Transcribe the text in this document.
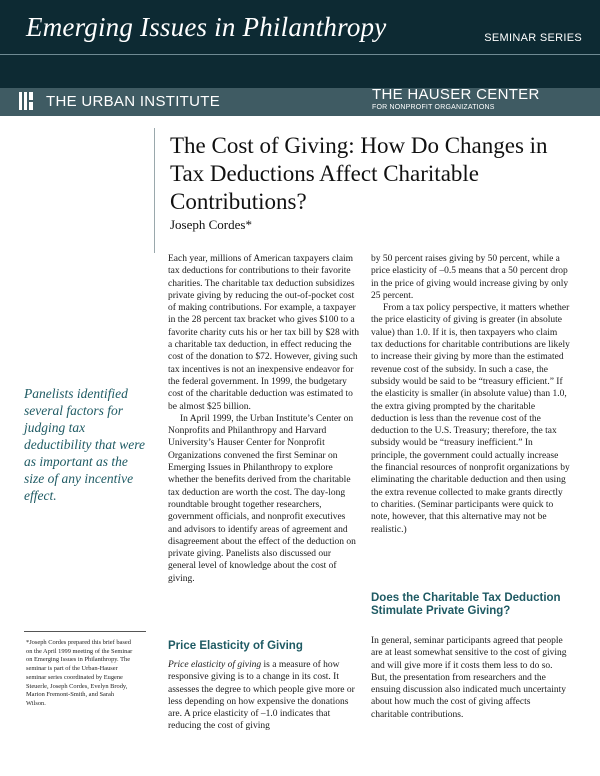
Emerging Issues in Philanthropy	SEMINAR SERIES
THE URBAN INSTITUTE	THE HAUSER CENTER
FOR NONPROFIT ORGANIZATIONS
The Cost of Giving: How Do Changes in Tax Deductions Affect Charitable Contributions?
Joseph Cordes*
Panelists identified several factors for judging tax deductibility that were as important as the size of any incentive effect.
*Joseph Cordes prepared this brief based on the April 1999 meeting of the Seminar on Emerging Issues in Philanthropy. The seminar is part of the Urban-Hauser seminar series coordinated by Eugene Steuerle, Joseph Cordes, Evelyn Brody, Marion Fremont-Smith, and Sarah Wilson.

Each year, millions of American taxpayers claim tax deductions for contributions to their favorite charities. The charitable tax deduction subsidizes private giving by reducing the out-of-pocket cost of making contributions. For example, a taxpayer in the 28 percent tax bracket who gives $100 to a favorite charity cuts his or her tax bill by $28 with a charitable tax deduction, in effect reducing the cost of the donation to $72. However, giving such tax incentives is not an inexpensive endeavor for the federal government. In 1999, the budgetary cost of the charitable deduction was estimated to be almost $25 billion.

In April 1999, the Urban Institute’s Center on Nonprofits and Philanthropy and Harvard University’s Hauser Center for Nonprofit Organizations convened the first Seminar on Emerging Issues in Philanthropy to explore whether the benefits derived from the charitable tax deduction are worth the cost. The day-long roundtable brought together researchers, government officials, and nonprofit executives and advisors to identify areas of agreement and disagreement about the effect of the deduction on private giving. Panelists also discussed our general level of knowledge about the cost of giving.

Price Elasticity of Giving

Price elasticity of giving is a measure of how responsive giving is to a change in its cost. It assesses the degree to which people give more or less depending on how expensive the donations are. A price elasticity of –1.0 indicates that reducing the cost of giving

by 50 percent raises giving by 50 percent, while a price elasticity of –0.5 means that a 50 percent drop in the price of giving would increase giving by only 25 percent.

From a tax policy perspective, it matters whether the price elasticity of giving is greater (in absolute value) than 1.0. If it is, then taxpayers who claim tax deductions for charitable contributions are likely to increase their giving by more than the estimated revenue cost of the subsidy. In such a case, the subsidy would be said to be “treasury efficient.” If the elasticity is smaller (in absolute value) than 1.0, the extra giving prompted by the charitable deduction is less than the revenue cost of the deduction to the U.S. Treasury; therefore, the tax subsidy would be “treasury inefficient.” In principle, the government could actually increase the financial resources of nonprofit organizations by eliminating the charitable deduction and then using the extra revenue collected to make grants directly to charities. (Seminar participants were quick to note, however, that this alternative may not be realistic.)

Does the Charitable Tax Deduction Stimulate Private Giving?

In general, seminar participants agreed that people are at least somewhat sensitive to the cost of giving and will give more if it costs them less to do so. But, the presentation from researchers and the ensuing discussion also indicated much uncertainty about how much the cost of giving affects charitable contributions.
